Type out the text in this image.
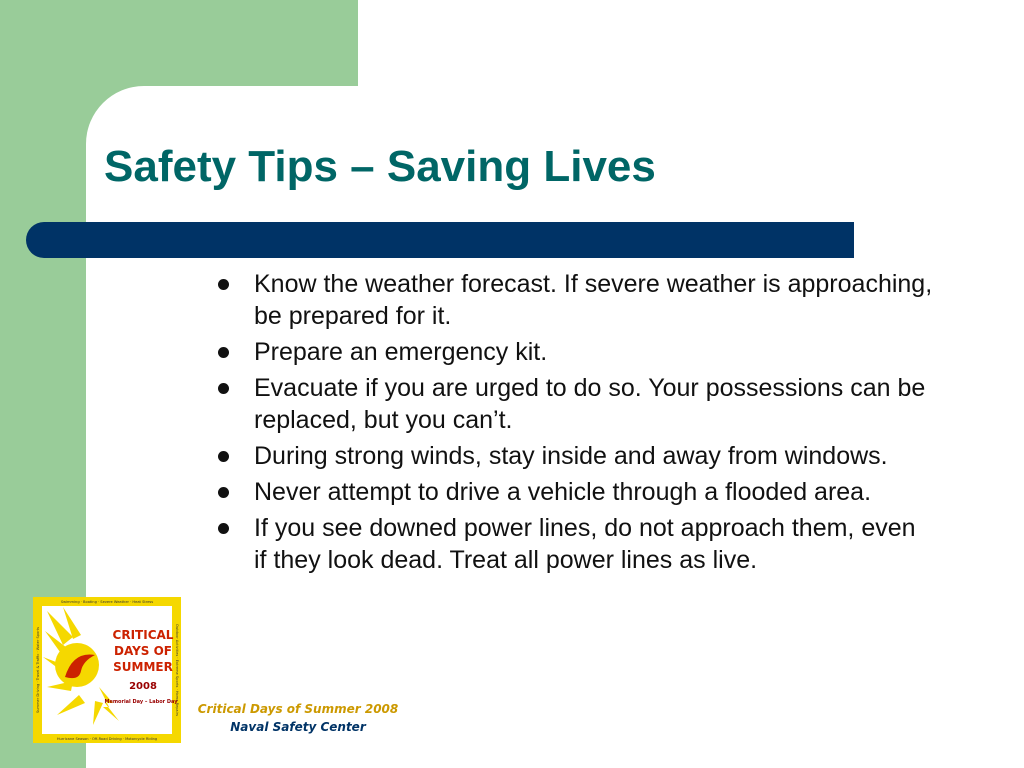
Safety Tips – Saving Lives
Know the weather forecast. If severe weather is approaching, be prepared for it.
Prepare an emergency kit.
Evacuate if you are urged to do so. Your possessions can be replaced, but you can’t.
During strong winds, stay inside and away from windows.
Never attempt to drive a vehicle through a flooded area.
If you see downed power lines, do not approach them, even if they look dead. Treat all power lines as live.
Swimming · Boating · Severe Weather · Heat Stress
Hurricane Season · Off-Road Driving · Motorcycle Riding
Summer Driving · Travel & Traffic · Water Sports	Outdoor Activities · Extreme Sports · Home Repairs
CRITICAL
DAYS OF
SUMMER
2008
Memorial Day – Labor Day	Critical Days of Summer 2008
Naval Safety Center
